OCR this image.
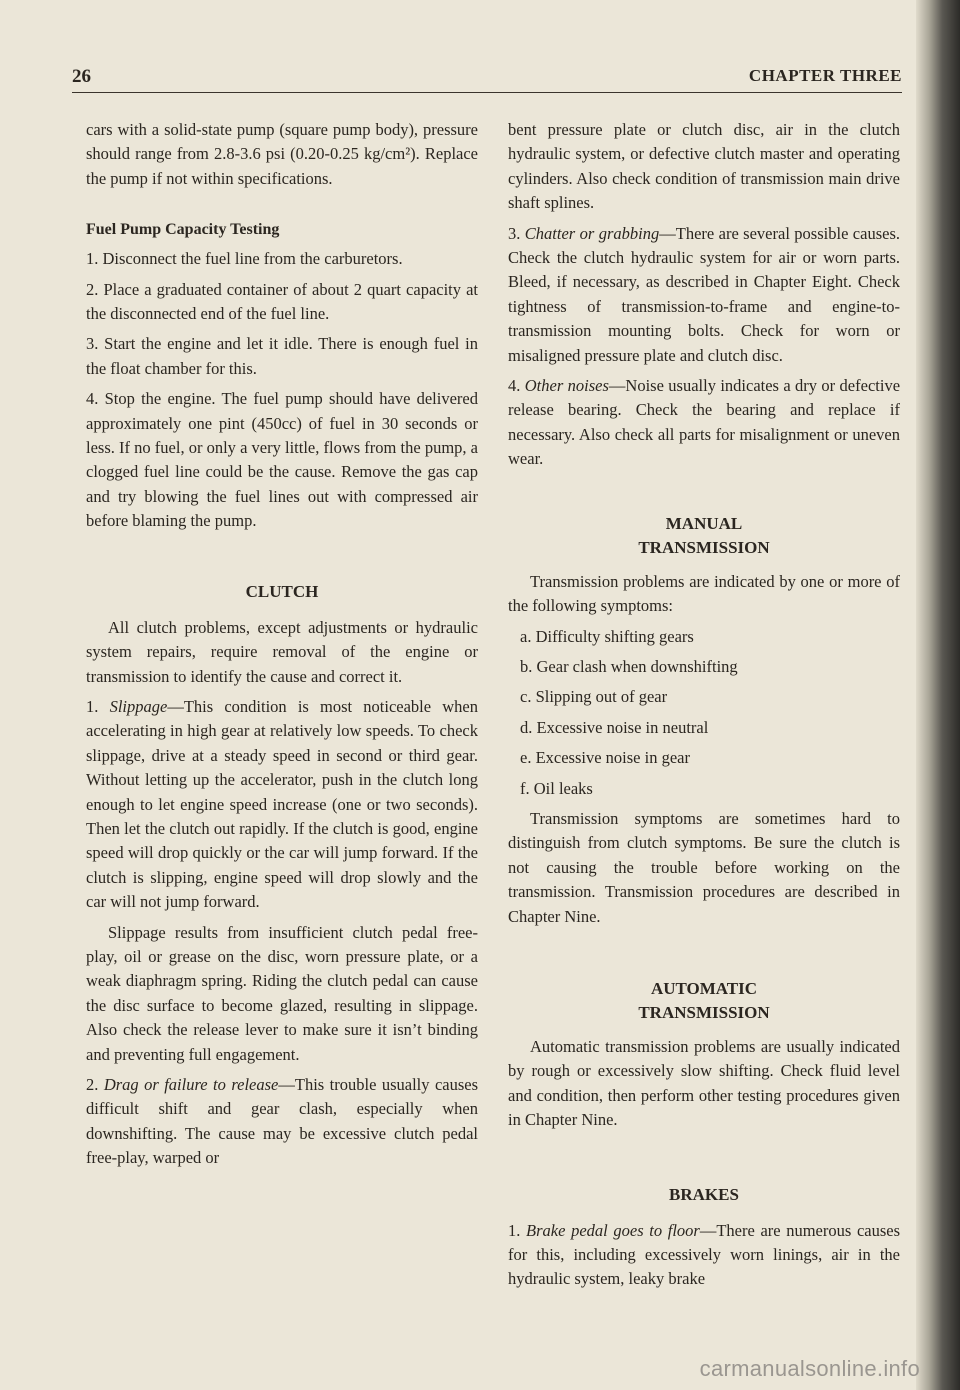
26	CHAPTER THREE

cars with a solid-state pump (square pump body), pressure should range from 2.8-3.6 psi (0.20-0.25 kg/cm²). Replace the pump if not within specifications.

Fuel Pump Capacity Testing

1. Disconnect the fuel line from the carburetors.

2. Place a graduated container of about 2 quart capacity at the disconnected end of the fuel line.

3. Start the engine and let it idle. There is enough fuel in the float chamber for this.

4. Stop the engine. The fuel pump should have delivered approximately one pint (450cc) of fuel in 30 seconds or less. If no fuel, or only a very little, flows from the pump, a clogged fuel line could be the cause. Remove the gas cap and try blowing the fuel lines out with compressed air before blaming the pump.

CLUTCH

All clutch problems, except adjustments or hydraulic system repairs, require removal of the engine or transmission to identify the cause and correct it.

1. Slippage—This condition is most noticeable when accelerating in high gear at relatively low speeds. To check slippage, drive at a steady speed in second or third gear. Without letting up the accelerator, push in the clutch long enough to let engine speed increase (one or two seconds). Then let the clutch out rapidly. If the clutch is good, engine speed will drop quickly or the car will jump forward. If the clutch is slipping, engine speed will drop slowly and the car will not jump forward.

Slippage results from insufficient clutch pedal free-play, oil or grease on the disc, worn pressure plate, or a weak diaphragm spring. Riding the clutch pedal can cause the disc surface to become glazed, resulting in slippage. Also check the release lever to make sure it isn’t binding and preventing full engagement.

2. Drag or failure to release—This trouble usually causes difficult shift and gear clash, especially when downshifting. The cause may be excessive clutch pedal free-play, warped or

bent pressure plate or clutch disc, air in the clutch hydraulic system, or defective clutch master and operating cylinders. Also check condition of transmission main drive shaft splines.

3. Chatter or grabbing—There are several possible causes. Check the clutch hydraulic system for air or worn parts. Bleed, if necessary, as described in Chapter Eight. Check tightness of transmission-to-frame and engine-to-transmission mounting bolts. Check for worn or misaligned pressure plate and clutch disc.

4. Other noises—Noise usually indicates a dry or defective release bearing. Check the bearing and replace if necessary. Also check all parts for misalignment or uneven wear.

MANUAL
TRANSMISSION

Transmission problems are indicated by one or more of the following symptoms:

a. Difficulty shifting gears
b. Gear clash when downshifting
c. Slipping out of gear
d. Excessive noise in neutral
e. Excessive noise in gear
f. Oil leaks

Transmission symptoms are sometimes hard to distinguish from clutch symptoms. Be sure the clutch is not causing the trouble before working on the transmission. Transmission procedures are described in Chapter Nine.

AUTOMATIC
TRANSMISSION

Automatic transmission problems are usually indicated by rough or excessively slow shifting. Check fluid level and condition, then perform other testing procedures given in Chapter Nine.

BRAKES

1. Brake pedal goes to floor—There are numerous causes for this, including excessively worn linings, air in the hydraulic system, leaky brake

carmanualsonline.info
